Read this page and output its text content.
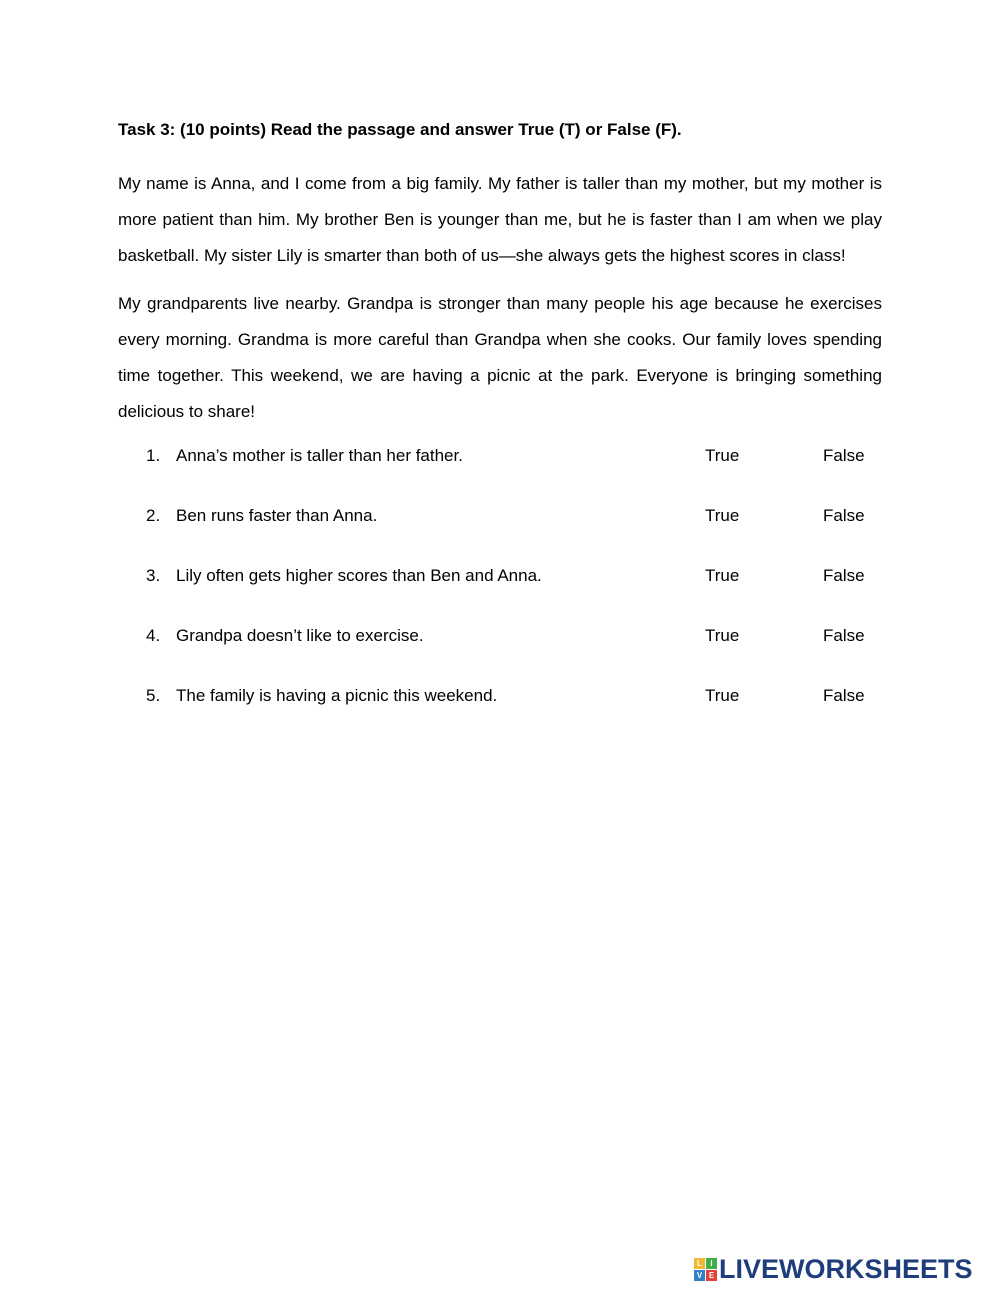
Task 3: (10 points) Read the passage and answer True (T) or False (F).

My name is Anna, and I come from a big family. My father is taller than my mother, but my mother is more patient than him. My brother Ben is younger than me, but he is faster than I am when we play basketball. My sister Lily is smarter than both of us—she always gets the highest scores in class!

My grandparents live nearby. Grandpa is stronger than many people his age because he exercises every morning. Grandma is more careful than Grandpa when she cooks. Our family loves spending time together. This weekend, we are having a picnic at the park. Everyone is bringing something delicious to share!

1. Anna’s mother is taller than her father.	True	False
2. Ben runs faster than Anna.	True	False
3. Lily often gets higher scores than Ben and Anna.	True	False
4. Grandpa doesn’t like to exercise.	True	False
5. The family is having a picnic this weekend.	True	False
L	I
V E LIVEWORKSHEETS
